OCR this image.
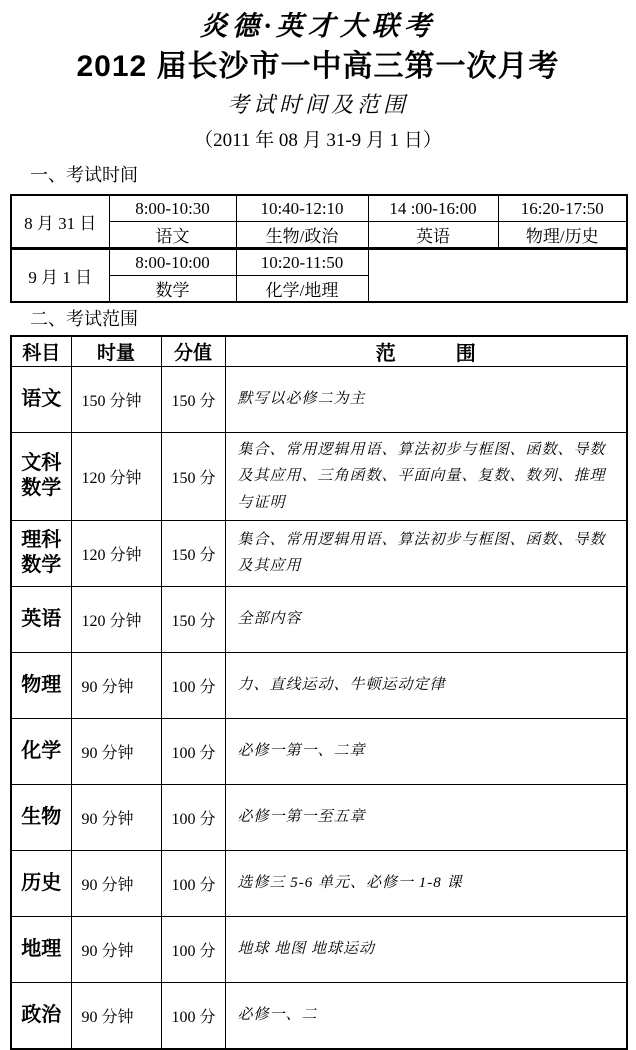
炎德·英才大联考
2012 届长沙市一中高三第一次月考
考试时间及范围
（2011 年 08 月 31-9 月 1 日）
一、考试时间
8 月 31 日	8:00-10:30	10:40-12:10	14 :00-16:00	16:20-17:50
	语文	生物/政治	英语	物理/历史
9 月 1 日	8:00-10:00	10:20-11:50		
	数学	化学/地理		
二、考试范围
科目	时量	分值	范　　　围
语文	150 分钟	150 分	默写以必修二为主
文科数学	120 分钟	150 分	集合、常用逻辑用语、算法初步与框图、函数、导数及其应用、三角函数、平面向量、复数、数列、推理与证明
理科数学	120 分钟	150 分	集合、常用逻辑用语、算法初步与框图、函数、导数及其应用
英语	120 分钟	150 分	全部内容
物理	90 分钟	100 分	力、直线运动、牛顿运动定律
化学	90 分钟	100 分	必修一第一、二章
生物	90 分钟	100 分	必修一第一至五章
历史	90 分钟	100 分	选修三 5-6 单元、必修一 1-8 课
地理	90 分钟	100 分	地球 地图 地球运动
政治	90 分钟	100 分	必修一、二
